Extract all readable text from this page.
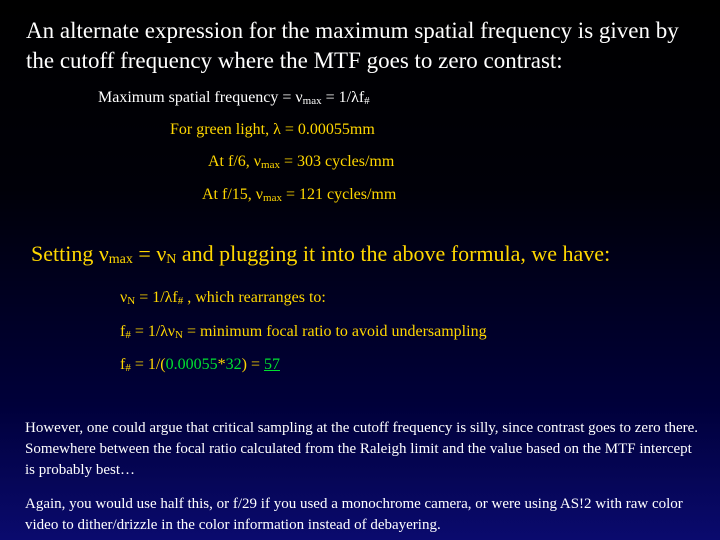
An alternate expression for the maximum spatial frequency is given by the cutoff frequency where the MTF goes to zero contrast:
Maximum spatial frequency = νmax = 1/λf#
For green light, λ = 0.00055mm
At f/6, νmax = 303 cycles/mm
At f/15, νmax = 121 cycles/mm
Setting νmax = νN and plugging it into the above formula, we have:
νN = 1/λf# , which rearranges to:
f# = 1/λνN = minimum focal ratio to avoid undersampling
f# = 1/(0.00055*32) = 57
However, one could argue that critical sampling at the cutoff frequency is silly, since contrast goes to zero there. Somewhere between the focal ratio calculated from the Raleigh limit and the value based on the MTF intercept is probably best…
Again, you would use half this, or f/29 if you used a monochrome camera, or were using AS!2 with raw color video to dither/drizzle in the color information instead of debayering.
